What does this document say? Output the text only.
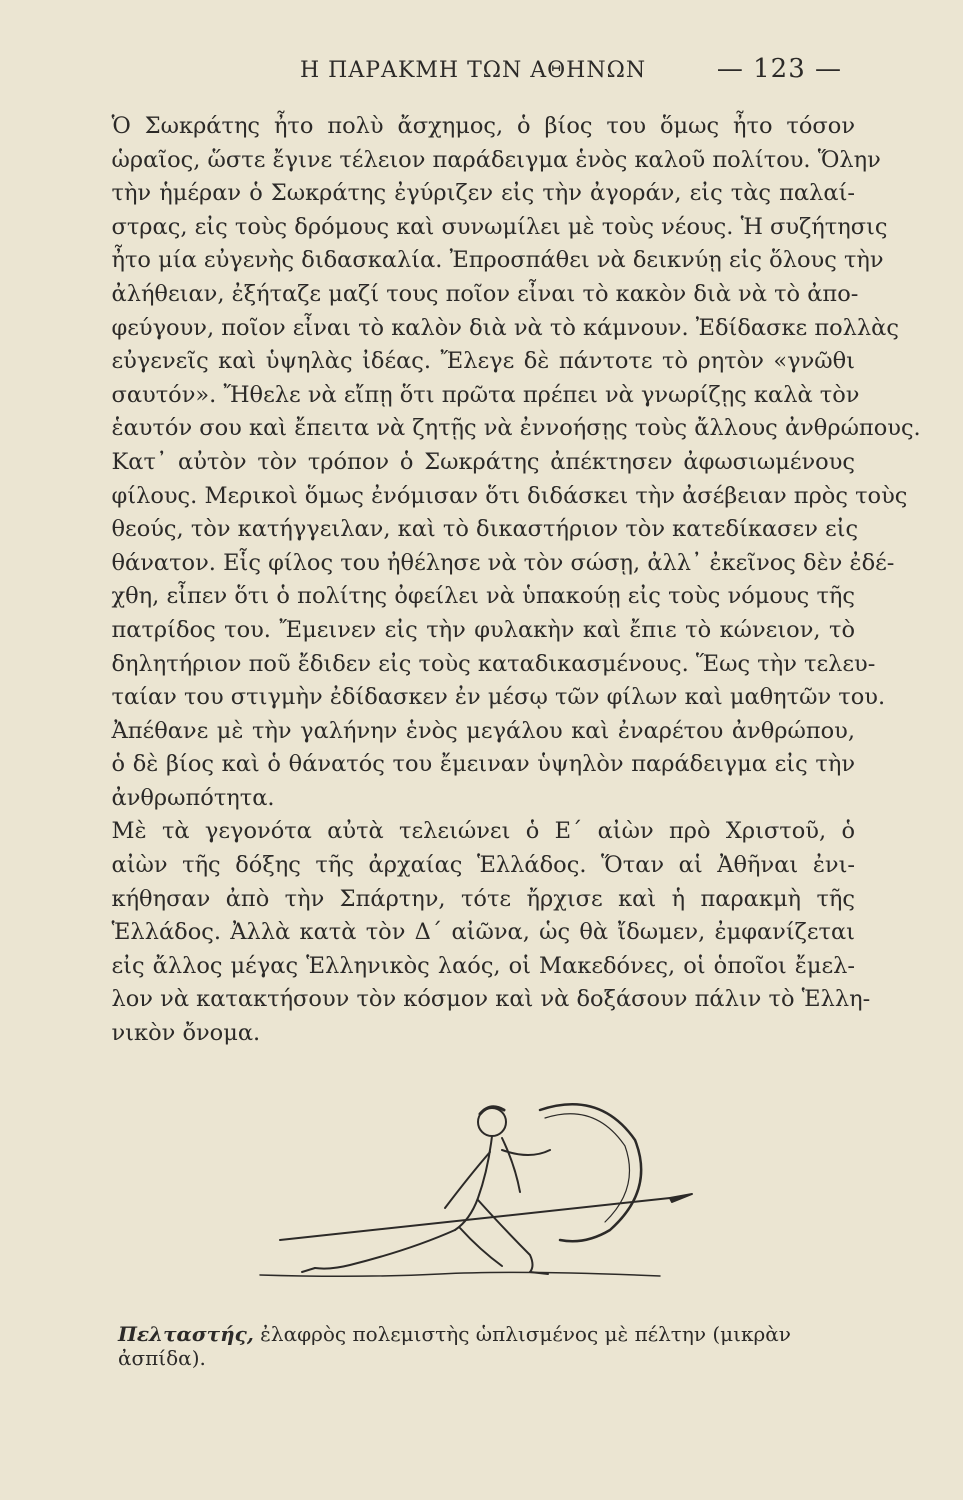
Η ΠΑΡΑΚΜΗ ΤΩΝ ΑΘΗΝΩΝ	— 123 —

Ὁ Σωκράτης ἦτο πολὺ ἄσχημος, ὁ βίος του ὅμως ἦτο τόσον
ὡραῖος, ὥστε ἔγινε τέλειον παράδειγμα ἑνὸς καλοῦ πολίτου. Ὅλην
τὴν ἡμέραν ὁ Σωκράτης ἐγύριζεν εἰς τὴν ἀγοράν, εἰς τὰς παλαί-
στρας, εἰς τοὺς δρόμους καὶ συνωμίλει μὲ τοὺς νέους. Ἡ συζήτησις
ἦτο μία εὐγενὴς διδασκαλία. Ἐπροσπάθει νὰ δεικνύῃ εἰς ὅλους τὴν
ἀλήθειαν, ἐξήταζε μαζί τους ποῖον εἶναι τὸ κακὸν διὰ νὰ τὸ ἀπο-
φεύγουν, ποῖον εἶναι τὸ καλὸν διὰ νὰ τὸ κάμνουν. Ἐδίδασκε πολλὰς
εὐγενεῖς καὶ ὑψηλὰς ἰδέας. Ἔλεγε δὲ πάντοτε τὸ ρητὸν «γνῶθι
σαυτόν». Ἤθελε νὰ εἴπῃ ὅτι πρῶτα πρέπει νὰ γνωρίζῃς καλὰ τὸν
ἑαυτόν σου καὶ ἔπειτα νὰ ζητῇς νὰ ἐννοήσῃς τοὺς ἄλλους ἀνθρώπους.

Κατ᾽ αὐτὸν τὸν τρόπον ὁ Σωκράτης ἀπέκτησεν ἀφωσιωμένους
φίλους. Μερικοὶ ὅμως ἐνόμισαν ὅτι διδάσκει τὴν ἀσέβειαν πρὸς τοὺς
θεούς, τὸν κατήγγειλαν, καὶ τὸ δικαστήριον τὸν κατεδίκασεν εἰς
θάνατον. Εἷς φίλος του ἠθέλησε νὰ τὸν σώσῃ, ἀλλ᾽ ἐκεῖνος δὲν ἐδέ-
χθη, εἶπεν ὅτι ὁ πολίτης ὀφείλει νὰ ὑπακούῃ εἰς τοὺς νόμους τῆς
πατρίδος του. Ἔμεινεν εἰς τὴν φυλακὴν καὶ ἔπιε τὸ κώνειον, τὸ
δηλητήριον ποῦ ἔδιδεν εἰς τοὺς καταδικασμένους. Ἕως τὴν τελευ-
ταίαν του στιγμὴν ἐδίδασκεν ἐν μέσῳ τῶν φίλων καὶ μαθητῶν του.
Ἀπέθανε μὲ τὴν γαλήνην ἑνὸς μεγάλου καὶ ἐναρέτου ἀνθρώπου,
ὁ δὲ βίος καὶ ὁ θάνατός του ἔμειναν ὑψηλὸν παράδειγμα εἰς τὴν
ἀνθρωπότητα.

Μὲ τὰ γεγονότα αὐτὰ τελειώνει ὁ Ε´ αἰὼν πρὸ Χριστοῦ, ὁ
αἰὼν τῆς δόξης τῆς ἀρχαίας Ἑλλάδος. Ὅταν αἱ Ἀθῆναι ἐνι-
κήθησαν ἀπὸ τὴν Σπάρτην, τότε ἤρχισε καὶ ἡ παρακμὴ τῆς
Ἑλλάδος. Ἀλλὰ κατὰ τὸν Δ´ αἰῶνα, ὡς θὰ ἴδωμεν, ἐμφανίζεται
εἰς ἄλλος μέγας Ἑλληνικὸς λαός, οἱ Μακεδόνες, οἱ ὁποῖοι ἔμελ-
λον νὰ κατακτήσουν τὸν κόσμον καὶ νὰ δοξάσουν πάλιν τὸ Ἑλλη-
νικὸν ὄνομα.

Πελταστής, ἐλαφρὸς πολεμιστὴς ὡπλισμένος μὲ πέλτην (μικρὰν ἀσπίδα).
